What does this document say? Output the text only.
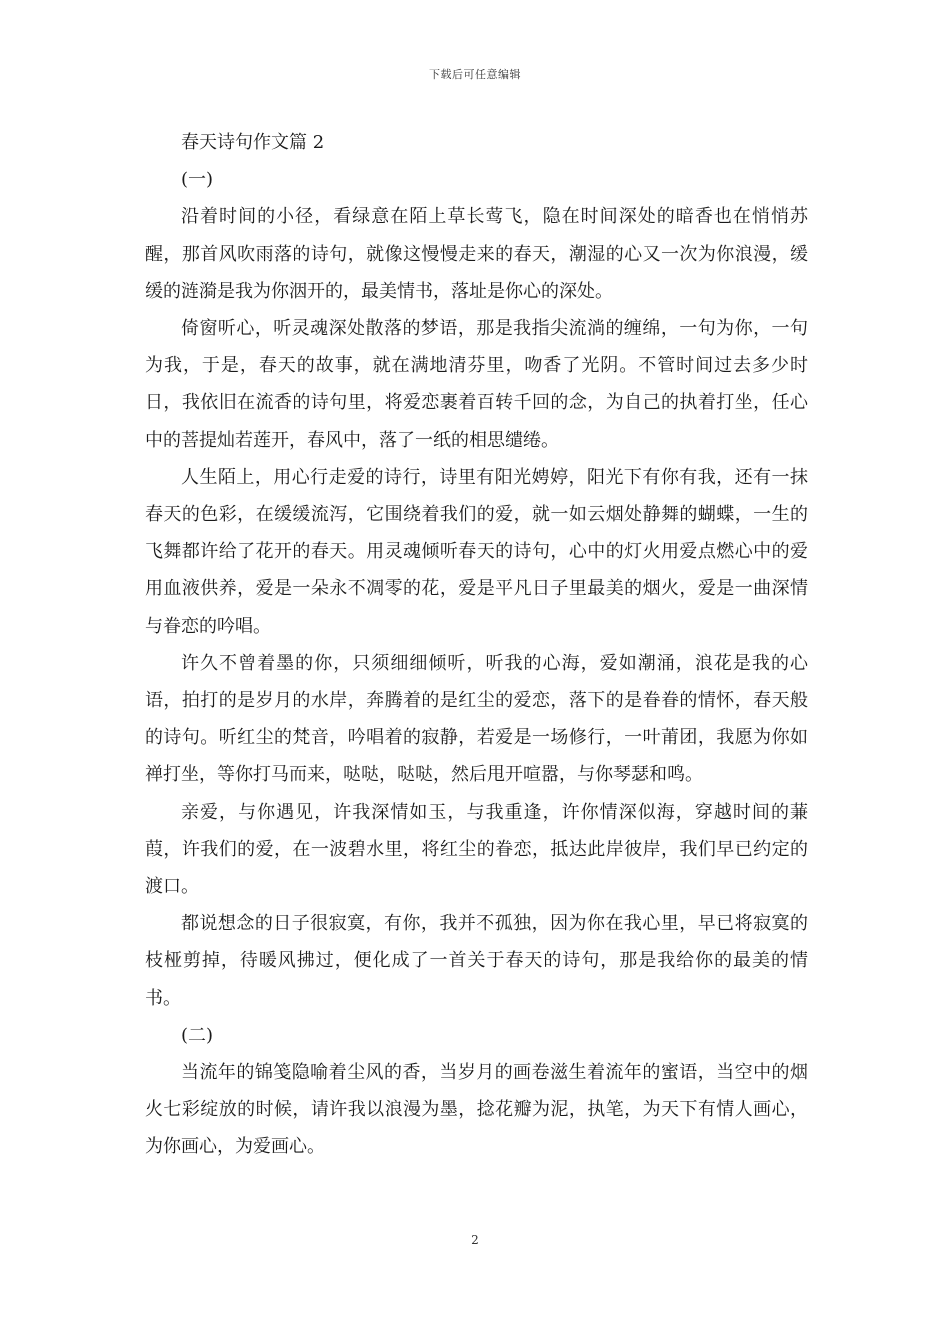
下载后可任意编辑

春天诗句作文篇 2

(一)

沿着时间的小径，看绿意在陌上草长莺飞，隐在时间深处的暗香也在悄悄苏醒，那首风吹雨落的诗句，就像这慢慢走来的春天，潮湿的心又一次为你浪漫，缓缓的涟漪是我为你洇开的，最美情书，落址是你心的深处。

倚窗听心，听灵魂深处散落的梦语，那是我指尖流淌的缠绵，一句为你，一句为我，于是，春天的故事，就在满地清芬里，吻香了光阴。不管时间过去多少时日，我依旧在流香的诗句里，将爱恋裹着百转千回的念，为自己的执着打坐，任心中的菩提灿若莲开，春风中，落了一纸的相思缱绻。

人生陌上，用心行走爱的诗行，诗里有阳光娉婷，阳光下有你有我，还有一抹春天的色彩，在缓缓流泻，它围绕着我们的爱，就一如云烟处静舞的蝴蝶，一生的飞舞都许给了花开的春天。用灵魂倾听春天的诗句，心中的灯火用爱点燃心中的爱用血液供养，爱是一朵永不凋零的花，爱是平凡日子里最美的烟火，爱是一曲深情与眷恋的吟唱。

许久不曾着墨的你，只须细细倾听，听我的心海，爱如潮涌，浪花是我的心语，拍打的是岁月的水岸，奔腾着的是红尘的爱恋，落下的是眷眷的情怀，春天般的诗句。听红尘的梵音，吟唱着的寂静，若爱是一场修行，一叶莆团，我愿为你如禅打坐，等你打马而来，哒哒，哒哒，然后甩开喧嚣，与你琴瑟和鸣。

亲爱，与你遇见，许我深情如玉，与我重逢，许你情深似海，穿越时间的蒹葭，许我们的爱，在一波碧水里，将红尘的眷恋，抵达此岸彼岸，我们早已约定的渡口。

都说想念的日子很寂寞，有你，我并不孤独，因为你在我心里，早已将寂寞的枝桠剪掉，待暖风拂过，便化成了一首关于春天的诗句，那是我给你的最美的情书。

(二)

当流年的锦笺隐喻着尘风的香，当岁月的画卷滋生着流年的蜜语，当空中的烟火七彩绽放的时候，请许我以浪漫为墨，捻花瓣为泥，执笔，为天下有情人画心，为你画心，为爱画心。

2
